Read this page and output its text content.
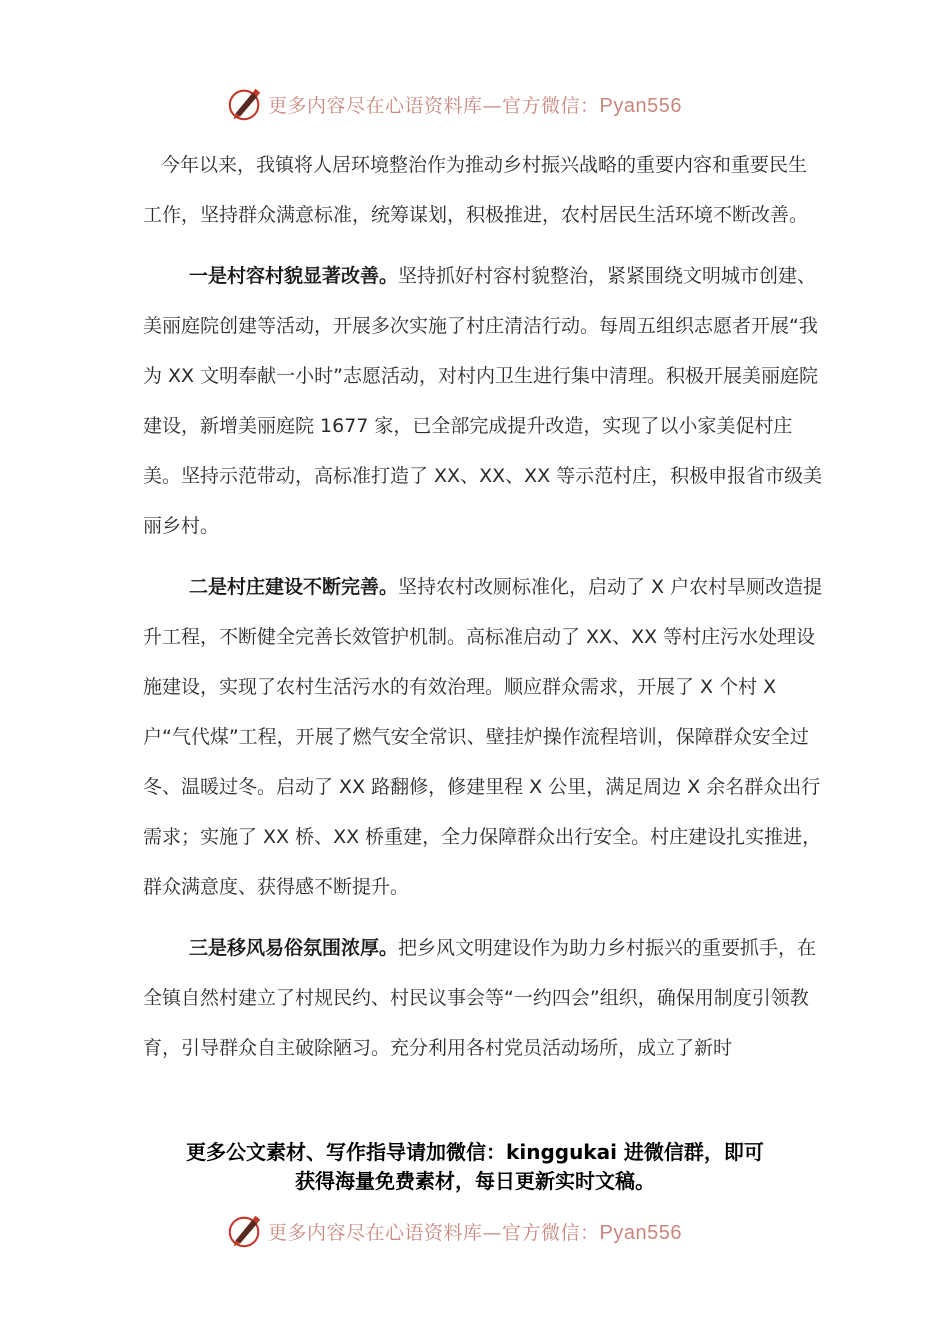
更多内容尽在心语资料库—官方微信：Pyan556

今年以来，我镇将人居环境整治作为推动乡村振兴战略的重要内容和重要民生工作，坚持群众满意标准，统筹谋划，积极推进，农村居民生活环境不断改善。

一是村容村貌显著改善。坚持抓好村容村貌整治，紧紧围绕文明城市创建、美丽庭院创建等活动，开展多次实施了村庄清洁行动。每周五组织志愿者开展“我为 XX 文明奉献一小时”志愿活动，对村内卫生进行集中清理。积极开展美丽庭院建设，新增美丽庭院 1677 家，已全部完成提升改造，实现了以小家美促村庄美。坚持示范带动，高标准打造了 XX、XX、XX 等示范村庄，积极申报省市级美丽乡村。

二是村庄建设不断完善。坚持农村改厕标准化，启动了 X 户农村旱厕改造提升工程，不断健全完善长效管护机制。高标准启动了 XX、XX 等村庄污水处理设施建设，实现了农村生活污水的有效治理。顺应群众需求，开展了 X 个村 X 户“气代煤”工程，开展了燃气安全常识、壁挂炉操作流程培训，保障群众安全过冬、温暖过冬。启动了 XX 路翻修，修建里程 X 公里，满足周边 X 余名群众出行需求；实施了 XX 桥、XX 桥重建，全力保障群众出行安全。村庄建设扎实推进，群众满意度、获得感不断提升。

三是移风易俗氛围浓厚。把乡风文明建设作为助力乡村振兴的重要抓手，在全镇自然村建立了村规民约、村民议事会等“一约四会”组织，确保用制度引领教育，引导群众自主破除陋习。充分利用各村党员活动场所，成立了新时

更多公文素材、写作指导请加微信：kinggukai 进微信群，即可
获得海量免费素材，每日更新实时文稿。
更多内容尽在心语资料库—官方微信：Pyan556
